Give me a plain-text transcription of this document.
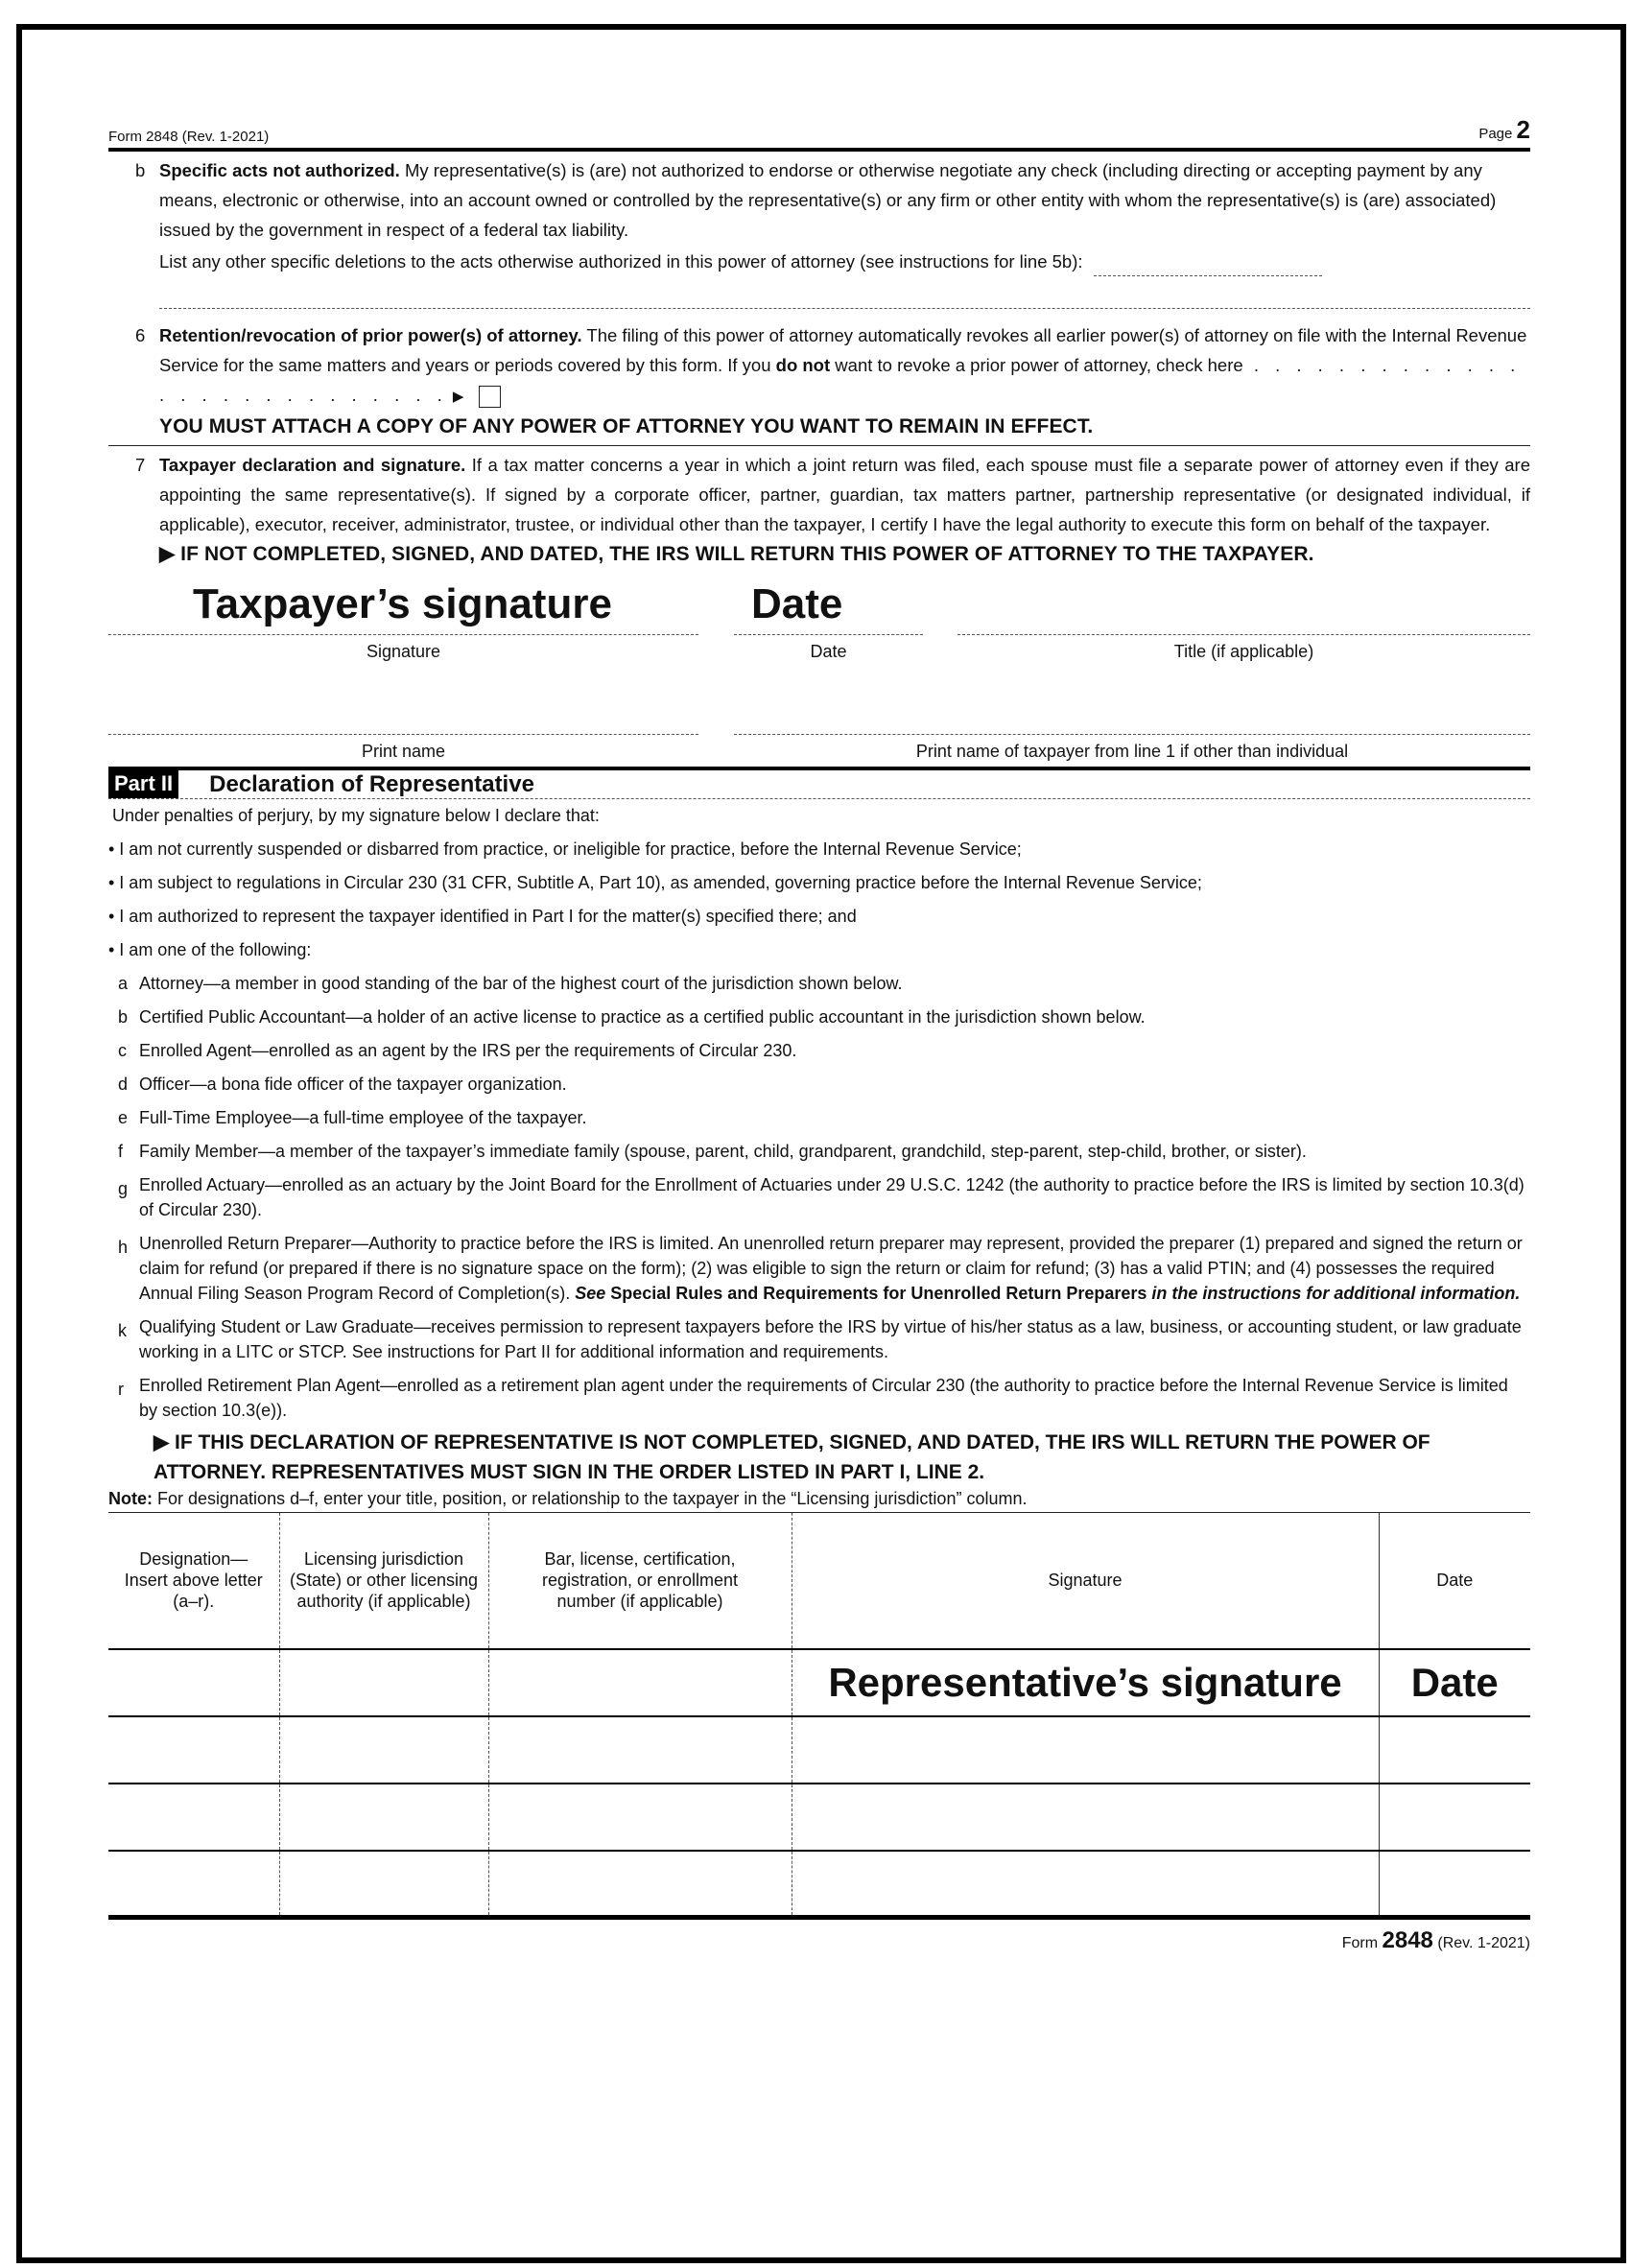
Form 2848 (Rev. 1-2021)	Page 2
b Specific acts not authorized. My representative(s) is (are) not authorized to endorse or otherwise negotiate any check (including directing or accepting payment by any means, electronic or otherwise, into an account owned or controlled by the representative(s) or any firm or other entity with whom the representative(s) is (are) associated) issued by the government in respect of a federal tax liability.
List any other specific deletions to the acts otherwise authorized in this power of attorney (see instructions for line 5b):
6 Retention/revocation of prior power(s) of attorney. The filing of this power of attorney automatically revokes all earlier power(s) of attorney on file with the Internal Revenue Service for the same matters and years or periods covered by this form. If you do not want to revoke a prior power of attorney, check here . . . . . . . . . . . . . . . . . . . . . . . . . . . ▶
YOU MUST ATTACH A COPY OF ANY POWER OF ATTORNEY YOU WANT TO REMAIN IN EFFECT.
7 Taxpayer declaration and signature. If a tax matter concerns a year in which a joint return was filed, each spouse must file a separate power of attorney even if they are appointing the same representative(s). If signed by a corporate officer, partner, guardian, tax matters partner, partnership representative (or designated individual, if applicable), executor, receiver, administrator, trustee, or individual other than the taxpayer, I certify I have the legal authority to execute this form on behalf of the taxpayer.
▶ IF NOT COMPLETED, SIGNED, AND DATED, THE IRS WILL RETURN THIS POWER OF ATTORNEY TO THE TAXPAYER.
Taxpayer’s signature	Date
Signature	Date	Title (if applicable)
Print name	Print name of taxpayer from line 1 if other than individual
Part II Declaration of Representative
Under penalties of perjury, by my signature below I declare that:
• I am not currently suspended or disbarred from practice, or ineligible for practice, before the Internal Revenue Service;
• I am subject to regulations in Circular 230 (31 CFR, Subtitle A, Part 10), as amended, governing practice before the Internal Revenue Service;
• I am authorized to represent the taxpayer identified in Part I for the matter(s) specified there; and
• I am one of the following:
a Attorney—a member in good standing of the bar of the highest court of the jurisdiction shown below.
b Certified Public Accountant—a holder of an active license to practice as a certified public accountant in the jurisdiction shown below.
c Enrolled Agent—enrolled as an agent by the IRS per the requirements of Circular 230.
d Officer—a bona fide officer of the taxpayer organization.
e Full-Time Employee—a full-time employee of the taxpayer.
f Family Member—a member of the taxpayer’s immediate family (spouse, parent, child, grandparent, grandchild, step-parent, step-child, brother, or sister).
g Enrolled Actuary—enrolled as an actuary by the Joint Board for the Enrollment of Actuaries under 29 U.S.C. 1242 (the authority to practice before the IRS is limited by section 10.3(d) of Circular 230).
h Unenrolled Return Preparer—Authority to practice before the IRS is limited. An unenrolled return preparer may represent, provided the preparer (1) prepared and signed the return or claim for refund (or prepared if there is no signature space on the form); (2) was eligible to sign the return or claim for refund; (3) has a valid PTIN; and (4) possesses the required Annual Filing Season Program Record of Completion(s). See Special Rules and Requirements for Unenrolled Return Preparers in the instructions for additional information.
k Qualifying Student or Law Graduate—receives permission to represent taxpayers before the IRS by virtue of his/her status as a law, business, or accounting student, or law graduate working in a LITC or STCP. See instructions for Part II for additional information and requirements.
r Enrolled Retirement Plan Agent—enrolled as a retirement plan agent under the requirements of Circular 230 (the authority to practice before the Internal Revenue Service is limited by section 10.3(e)).
▶ IF THIS DECLARATION OF REPRESENTATIVE IS NOT COMPLETED, SIGNED, AND DATED, THE IRS WILL RETURN THE POWER OF ATTORNEY. REPRESENTATIVES MUST SIGN IN THE ORDER LISTED IN PART I, LINE 2.
Note: For designations d–f, enter your title, position, or relationship to the taxpayer in the “Licensing jurisdiction” column.
Designation— Insert above letter (a–r).	Licensing jurisdiction (State) or other licensing authority (if applicable)	Bar, license, certification, registration, or enrollment number (if applicable)	Signature	Date
			Representative’s signature	Date

Form 2848 (Rev. 1-2021)
